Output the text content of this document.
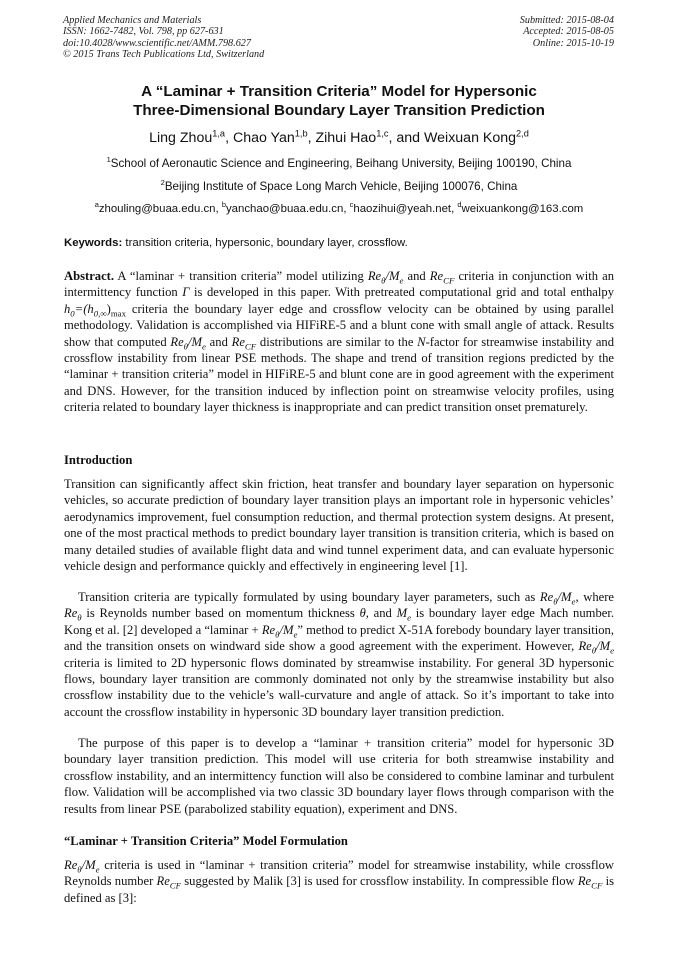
Applied Mechanics and Materials
ISSN: 1662-7482, Vol. 798, pp 627-631
doi:10.4028/www.scientific.net/AMM.798.627
© 2015 Trans Tech Publications Ltd, Switzerland
Submitted: 2015-08-04
Accepted: 2015-08-05
Online: 2015-10-19
A “Laminar + Transition Criteria” Model for Hypersonic
Three-Dimensional Boundary Layer Transition Prediction
Ling Zhou$^{1,a}$, Chao Yan$^{1,b}$, Zihui Hao$^{1,c}$, and Weixuan Kong$^{2,d}$
$^1$School of Aeronautic Science and Engineering, Beihang University, Beijing 100190, China
$^2$Beijing Institute of Space Long March Vehicle, Beijing 100076, China
$^a$zhouling@buaa.edu.cn, $^b$yanchao@buaa.edu.cn, $^c$haozihui@yeah.net, $^d$weixuankong@163.com
Keywords: transition criteria, hypersonic, boundary layer, crossflow.

Abstract. A “laminar + transition criteria” model utilizing $Re_\theta/M_e$ and $Re_{CF}$ criteria in conjunction with an intermittency function Γ is developed in this paper. With pretreated computational grid and total enthalpy $h_0=(h_{0,\infty})_{max}$ criteria the boundary layer edge and crossflow velocity can be obtained by using parallel methodology. Validation is accomplished via HIFiRE-5 and a blunt cone with small angle of attack. Results show that computed $Re_\theta/M_e$ and $Re_{CF}$ distributions are similar to the N-factor for streamwise instability and crossflow instability from linear PSE methods. The shape and trend of transition regions predicted by the “laminar + transition criteria” model in HIFiRE-5 and blunt cone are in good agreement with the experiment and DNS. However, for the transition induced by inflection point on streamwise velocity profiles, using criteria related to boundary layer thickness is inappropriate and can predict transition onset prematurely.

Introduction

Transition can significantly affect skin friction, heat transfer and boundary layer separation on hypersonic vehicles, so accurate prediction of boundary layer transition plays an important role in hypersonic vehicles’ aerodynamics improvement, fuel consumption reduction, and thermal protection system designs. At present, one of the most practical methods to predict boundary layer transition is transition criteria, which is based on many detailed studies of available flight data and wind tunnel experiment data, and can evaluate hypersonic vehicle design and performance quickly and effectively in engineering level [1].

Transition criteria are typically formulated by using boundary layer parameters, such as $Re_\theta/M_e$, where $Re_\theta$ is Reynolds number based on momentum thickness θ, and $M_e$ is boundary layer edge Mach number. Kong et al. [2] developed a “laminar + $Re_\theta/M_e$” method to predict X-51A forebody boundary layer transition, and the transition onsets on windward side show a good agreement with the experiment. However, $Re_\theta/M_e$ criteria is limited to 2D hypersonic flows dominated by streamwise instability. For general 3D hypersonic flows, boundary layer transition are commonly dominated not only by the streamwise instability but also crossflow instability due to the vehicle’s wall-curvature and angle of attack. So it’s important to take into account the crossflow instability in hypersonic 3D boundary layer transition prediction.

The purpose of this paper is to develop a “laminar + transition criteria” model for hypersonic 3D boundary layer transition prediction. This model will use criteria for both streamwise instability and crossflow instability, and an intermittency function will also be considered to combine laminar and turbulent flow. Validation will be accomplished via two classic 3D boundary layer flows through comparison with the results from linear PSE (parabolized stability equation), experiment and DNS.

“Laminar + Transition Criteria” Model Formulation

$Re_\theta/M_e$ criteria is used in “laminar + transition criteria” model for streamwise instability, while crossflow Reynolds number $Re_{CF}$ suggested by Malik [3] is used for crossflow instability. In compressible flow $Re_{CF}$ is defined as [3]:
